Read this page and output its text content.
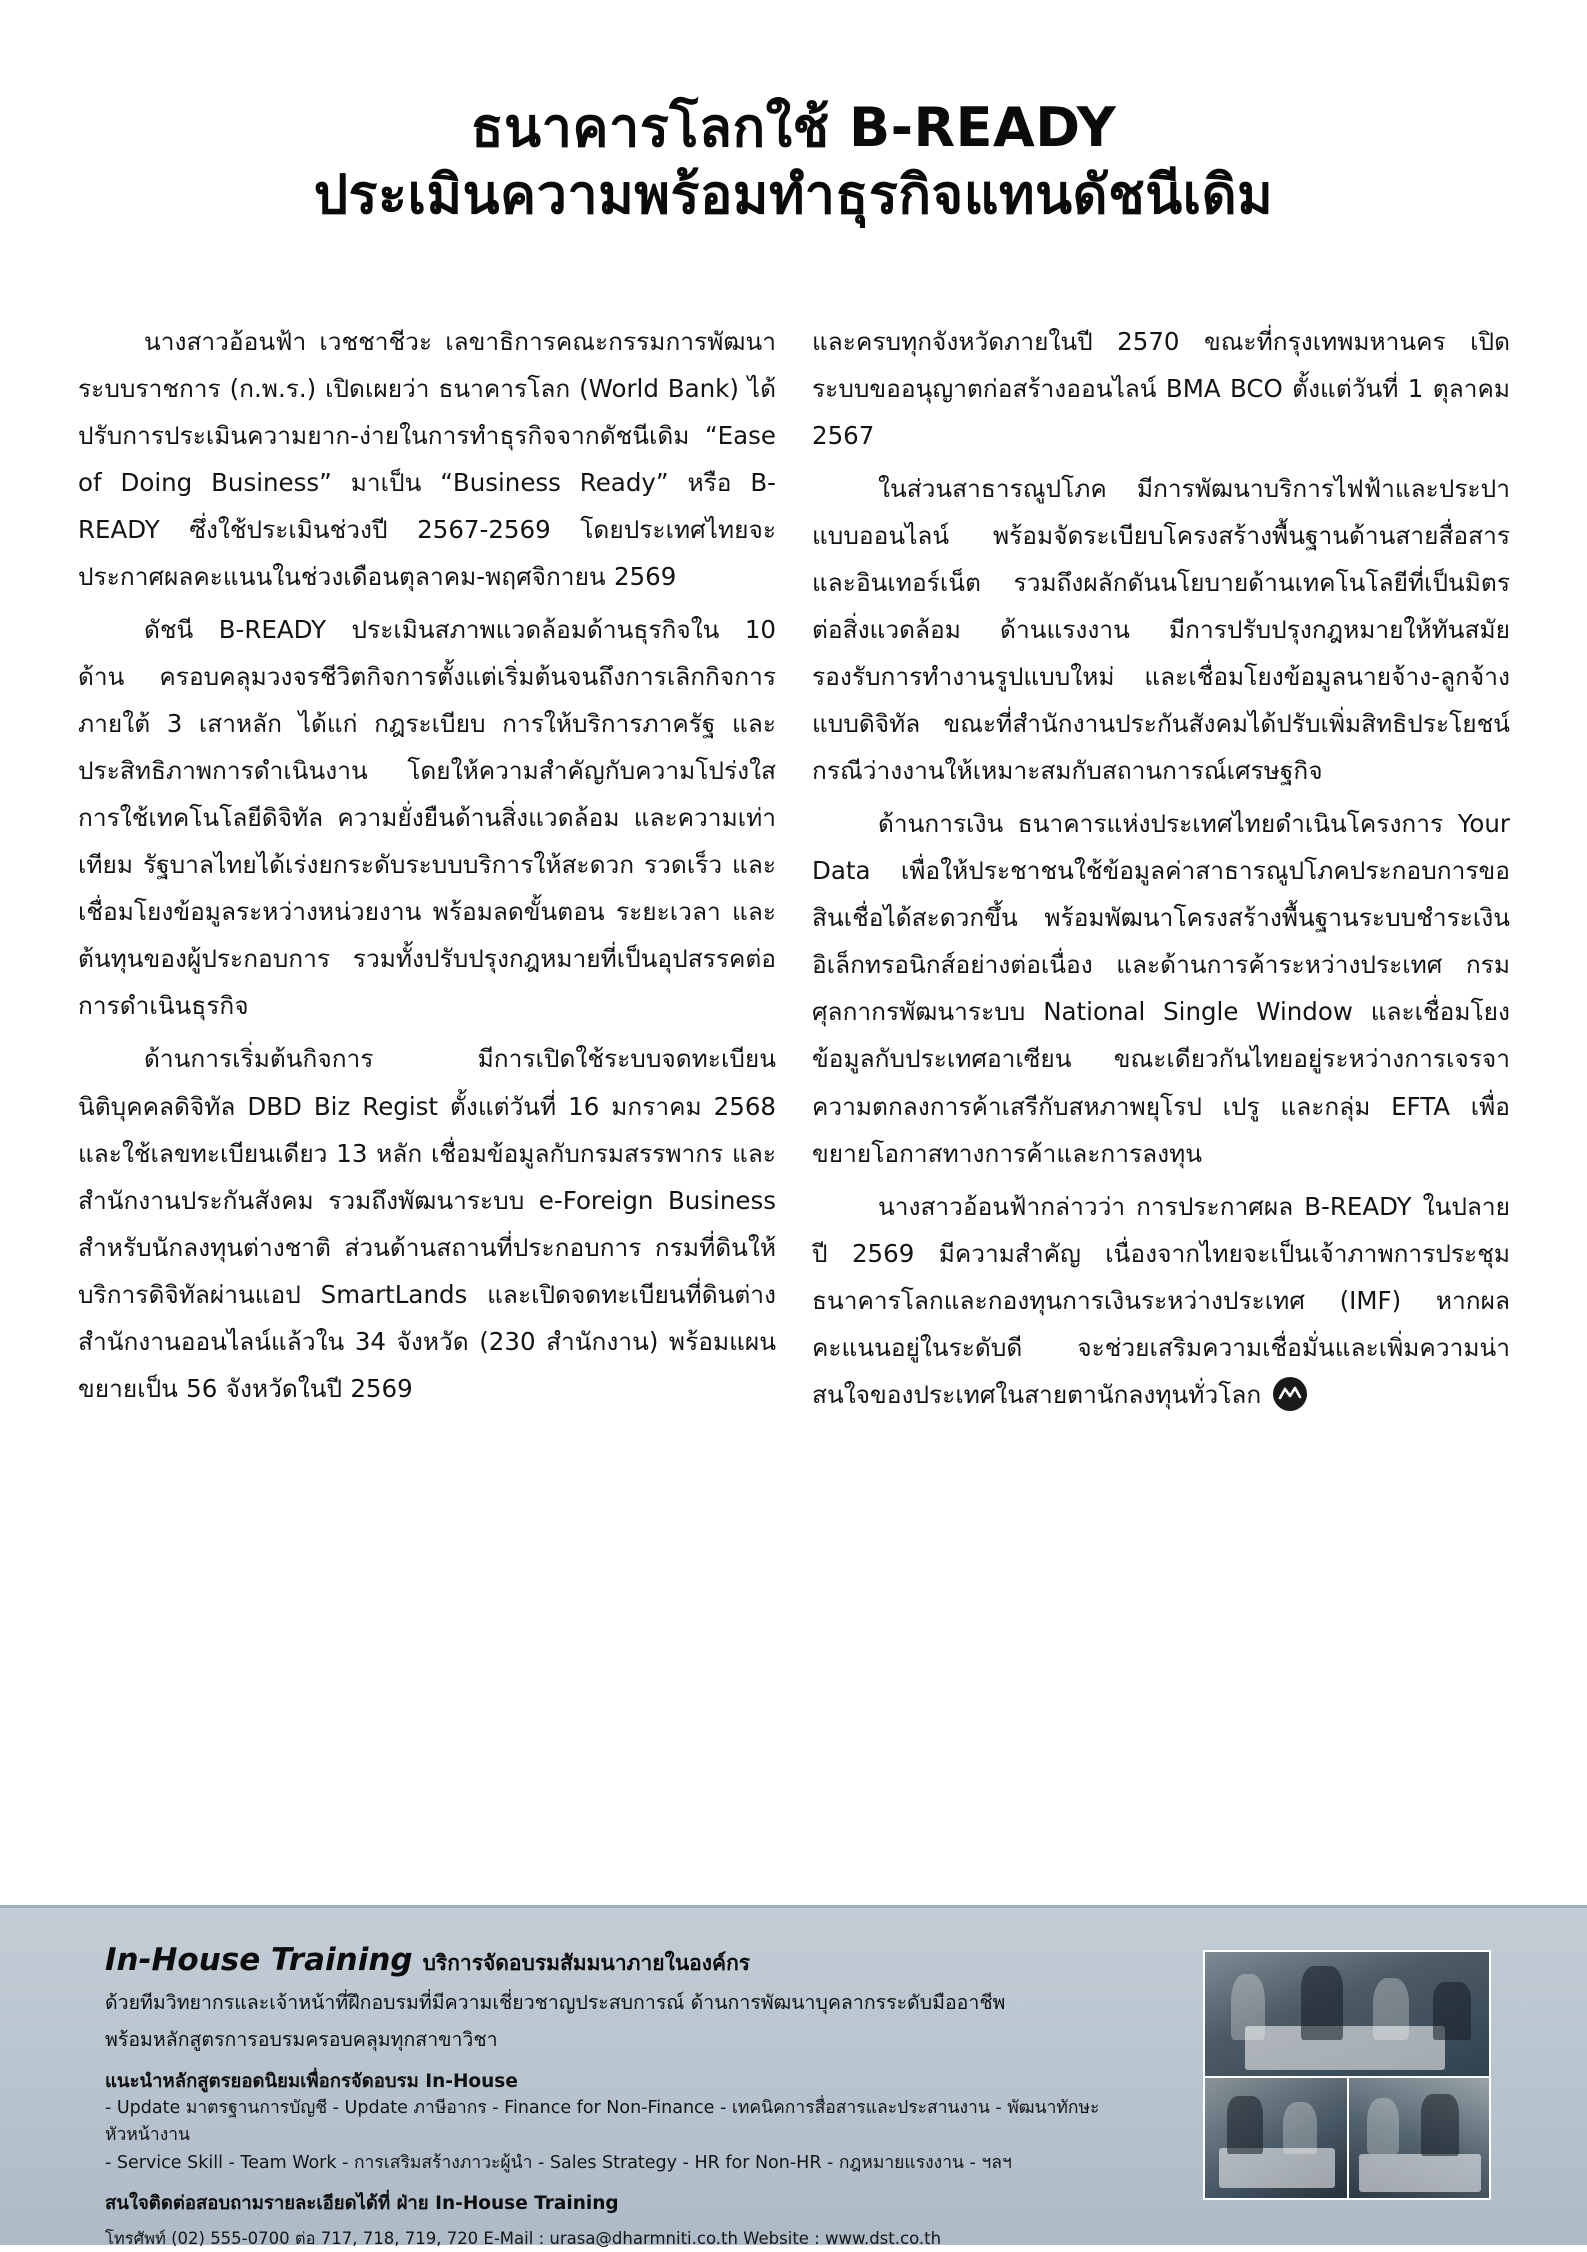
ธนาคารโลกใช้ B-READY
ประเมินความพร้อมทำธุรกิจแทนดัชนีเดิม

นางสาวอ้อนฟ้า เวชชาชีวะ เลขาธิการคณะกรรมการพัฒนาระบบราชการ (ก.พ.ร.) เปิดเผยว่า ธนาคารโลก (World Bank) ได้ปรับการประเมินความยาก-ง่ายในการทำธุรกิจจากดัชนีเดิม “Ease of Doing Business” มาเป็น “Business Ready” หรือ B-READY ซึ่งใช้ประเมินช่วงปี 2567-2569 โดยประเทศไทยจะประกาศผลคะแนนในช่วงเดือนตุลาคม-พฤศจิกายน 2569

ดัชนี B-READY ประเมินสภาพแวดล้อมด้านธุรกิจใน 10 ด้าน ครอบคลุมวงจรชีวิตกิจการตั้งแต่เริ่มต้นจนถึงการเลิกกิจการ ภายใต้ 3 เสาหลัก ได้แก่ กฎระเบียบ การให้บริการภาครัฐ และประสิทธิภาพการดำเนินงาน โดยให้ความสำคัญกับความโปร่งใส การใช้เทคโนโลยีดิจิทัล ความยั่งยืนด้านสิ่งแวดล้อม และความเท่าเทียม รัฐบาลไทยได้เร่งยกระดับระบบบริการให้สะดวก รวดเร็ว และเชื่อมโยงข้อมูลระหว่างหน่วยงาน พร้อมลดขั้นตอน ระยะเวลา และต้นทุนของผู้ประกอบการ รวมทั้งปรับปรุงกฎหมายที่เป็นอุปสรรคต่อการดำเนินธุรกิจ

ด้านการเริ่มต้นกิจการ มีการเปิดใช้ระบบจดทะเบียนนิติบุคคลดิจิทัล DBD Biz Regist ตั้งแต่วันที่ 16 มกราคม 2568 และใช้เลขทะเบียนเดียว 13 หลัก เชื่อมข้อมูลกับกรมสรรพากร และสำนักงานประกันสังคม รวมถึงพัฒนาระบบ e-Foreign Business สำหรับนักลงทุนต่างชาติ ส่วนด้านสถานที่ประกอบการ กรมที่ดินให้บริการดิจิทัลผ่านแอป SmartLands และเปิดจดทะเบียนที่ดินต่างสำนักงานออนไลน์แล้วใน 34 จังหวัด (230 สำนักงาน) พร้อมแผนขยายเป็น 56 จังหวัดในปี 2569

และครบทุกจังหวัดภายในปี 2570 ขณะที่กรุงเทพมหานคร เปิดระบบขออนุญาตก่อสร้างออนไลน์ BMA BCO ตั้งแต่วันที่ 1 ตุลาคม 2567

ในส่วนสาธารณูปโภค มีการพัฒนาบริการไฟฟ้าและประปาแบบออนไลน์ พร้อมจัดระเบียบโครงสร้างพื้นฐานด้านสายสื่อสารและอินเทอร์เน็ต รวมถึงผลักดันนโยบายด้านเทคโนโลยีที่เป็นมิตรต่อสิ่งแวดล้อม ด้านแรงงาน มีการปรับปรุงกฎหมายให้ทันสมัยรองรับการทำงานรูปแบบใหม่ และเชื่อมโยงข้อมูลนายจ้าง-ลูกจ้างแบบดิจิทัล ขณะที่สำนักงานประกันสังคมได้ปรับเพิ่มสิทธิประโยชน์กรณีว่างงานให้เหมาะสมกับสถานการณ์เศรษฐกิจ

ด้านการเงิน ธนาคารแห่งประเทศไทยดำเนินโครงการ Your Data เพื่อให้ประชาชนใช้ข้อมูลค่าสาธารณูปโภคประกอบการขอสินเชื่อได้สะดวกขึ้น พร้อมพัฒนาโครงสร้างพื้นฐานระบบชำระเงินอิเล็กทรอนิกส์อย่างต่อเนื่อง และด้านการค้าระหว่างประเทศ กรมศุลกากรพัฒนาระบบ National Single Window และเชื่อมโยงข้อมูลกับประเทศอาเซียน ขณะเดียวกันไทยอยู่ระหว่างการเจรจาความตกลงการค้าเสรีกับสหภาพยุโรป เปรู และกลุ่ม EFTA เพื่อขยายโอกาสทางการค้าและการลงทุน

นางสาวอ้อนฟ้ากล่าวว่า การประกาศผล B-READY ในปลายปี 2569 มีความสำคัญ เนื่องจากไทยจะเป็นเจ้าภาพการประชุมธนาคารโลกและกองทุนการเงินระหว่างประเทศ (IMF) หากผลคะแนนอยู่ในระดับดี จะช่วยเสริมความเชื่อมั่นและเพิ่มความน่าสนใจของประเทศในสายตานักลงทุนทั่วโลก

In-House Training บริการจัดอบรมสัมมนาภายในองค์กร
ด้วยทีมวิทยากรและเจ้าหน้าที่ฝึกอบรมที่มีความเชี่ยวชาญประสบการณ์ ด้านการพัฒนาบุคลากรระดับมืออาชีพ
พร้อมหลักสูตรการอบรมครอบคลุมทุกสาขาวิชา
แนะนำหลักสูตรยอดนิยมเพื่อกรจัดอบรม In-House
- Update มาตรฐานการบัญชี - Update ภาษีอากร - Finance for Non-Finance - เทคนิคการสื่อสารและประสานงาน - พัฒนาทักษะหัวหน้างาน
- Service Skill - Team Work - การเสริมสร้างภาวะผู้นำ - Sales Strategy - HR for Non-HR - กฎหมายแรงงาน - ฯลฯ
สนใจติดต่อสอบถามรายละเอียดได้ที่ ฝ่าย In-House Training
โทรศัพท์ (02) 555-0700 ต่อ 717, 718, 719, 720 E-Mail : urasa@dharmniti.co.th Website : www.dst.co.th
